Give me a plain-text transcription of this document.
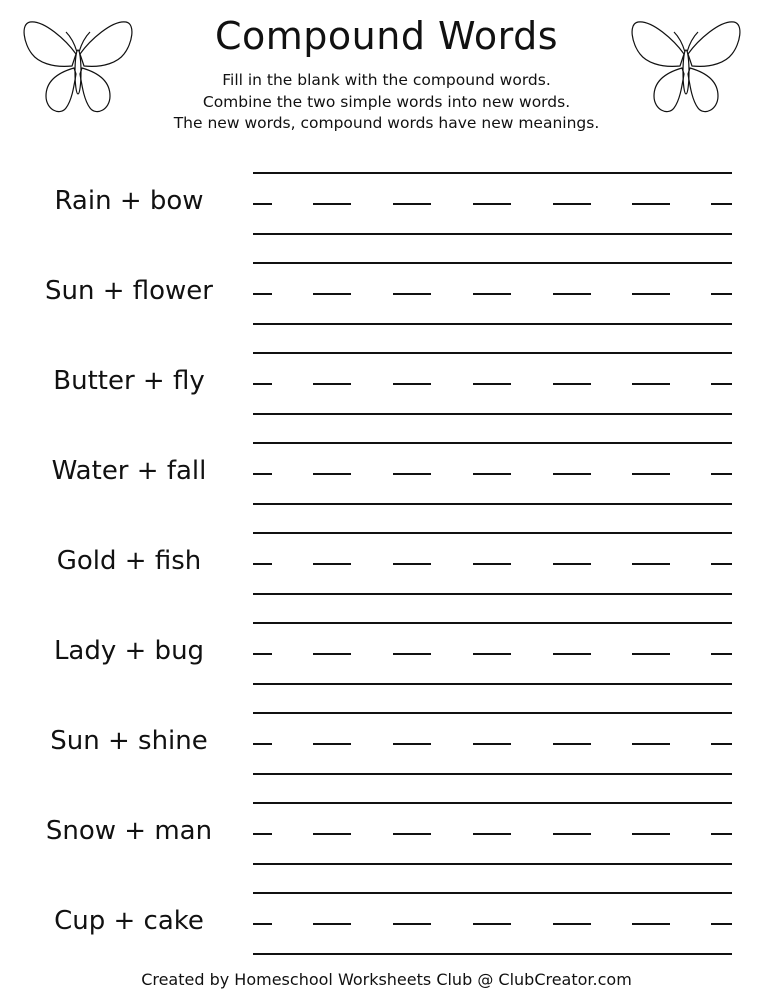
Compound Words
Fill in the blank with the compound words.
Combine the two simple words into new words.
The new words, compound words have new meanings.
Rain + bow
Sun + flower
Butter + fly
Water + fall
Gold + fish
Lady + bug
Sun + shine
Snow + man
Cup + cake
Created by Homeschool Worksheets Club @ ClubCreator.com
